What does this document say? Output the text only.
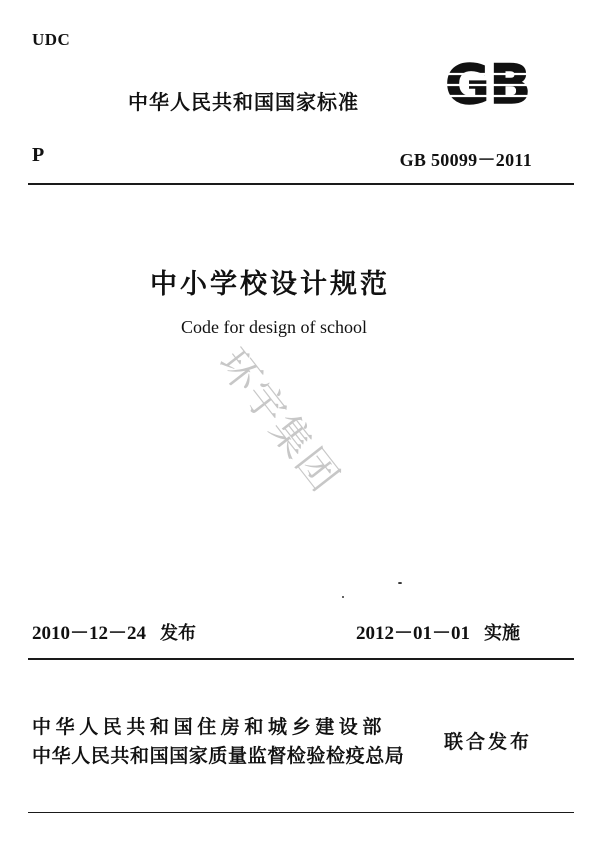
UDC
中华人民共和国国家标准 GB
P	GB 50099－2011
中小学校设计规范
Code for design of school
环宇集团
2010－12－24 发布	2012－01－01 实施
中华人民共和国住房和城乡建设部
中华人民共和国国家质量监督检验检疫总局
联合发布
